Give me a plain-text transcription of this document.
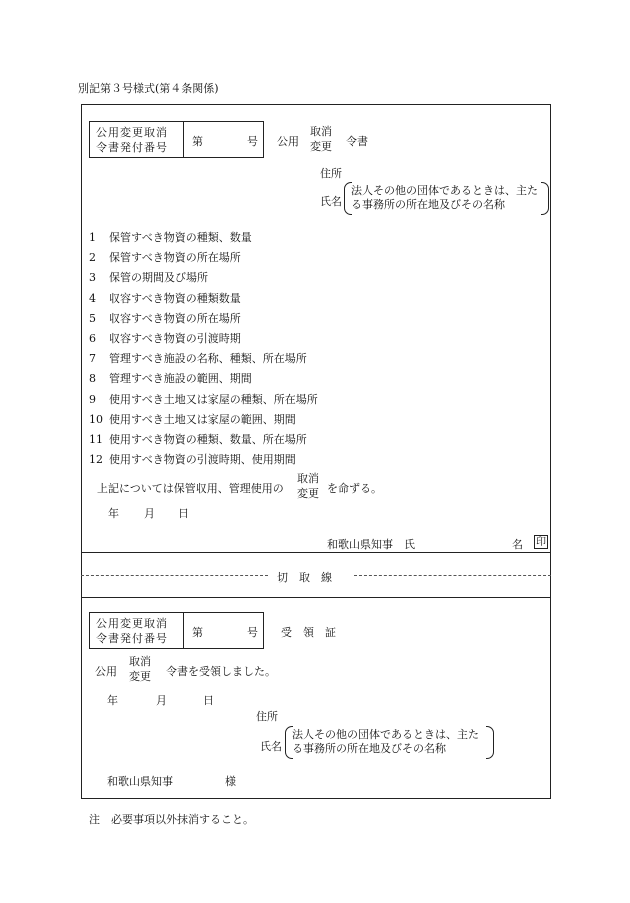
別記第３号様式(第４条関係)
公用変更取消
令書発付番号	第	号 公用
取消
変更 令書
住所
氏名
法人その他の団体であるときは、主た
る事務所の所在地及びその名称
1 保管すべき物資の種類、数量
2 保管すべき物資の所在場所
3 保管の期間及び場所
4 収容すべき物資の種類数量
5 収容すべき物資の所在場所
6 収容すべき物資の引渡時期
7 管理すべき施設の名称、種類、所在場所
8 管理すべき施設の範囲、期間
9 使用すべき土地又は家屋の種類、所在場所
10 使用すべき土地又は家屋の範囲、期間
11 使用すべき物資の種類、数量、所在場所
12 使用すべき物資の引渡時期、使用期間
上記については保管収用、管理使用の
取消
変更 を命ずる。
年 月 日
和歌山県知事　氏	名 印
切　取　線
公用変更取消
令書発付番号	第	号 受　領　証
公用
取消
変更 令書を受領しました。
年	月	日
住所
氏名
法人その他の団体であるときは、主た
る事務所の所在地及びその名称
和歌山県知事	様
注　必要事項以外抹消すること。
